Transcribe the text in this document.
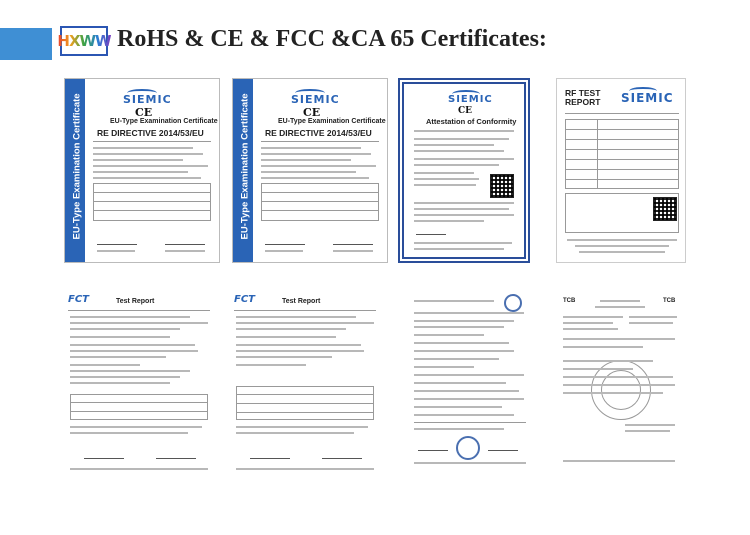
HXWW RoHS & CE & FCC &CA 65 Certificates:
EU-Type Examination Certificate	SIEMIC
CE
EU-Type Examination Certificate
RE DIRECTIVE 2014/53/EU	EU-Type Examination Certificate	SIEMIC
CE
EU-Type Examination Certificate
RE DIRECTIVE 2014/53/EU
SIEMIC
CE
Attestation of Conformity
RF TEST
REPORT SIEMIC
FCT	Test Report	FCT	Test Report	TCB	TCB
